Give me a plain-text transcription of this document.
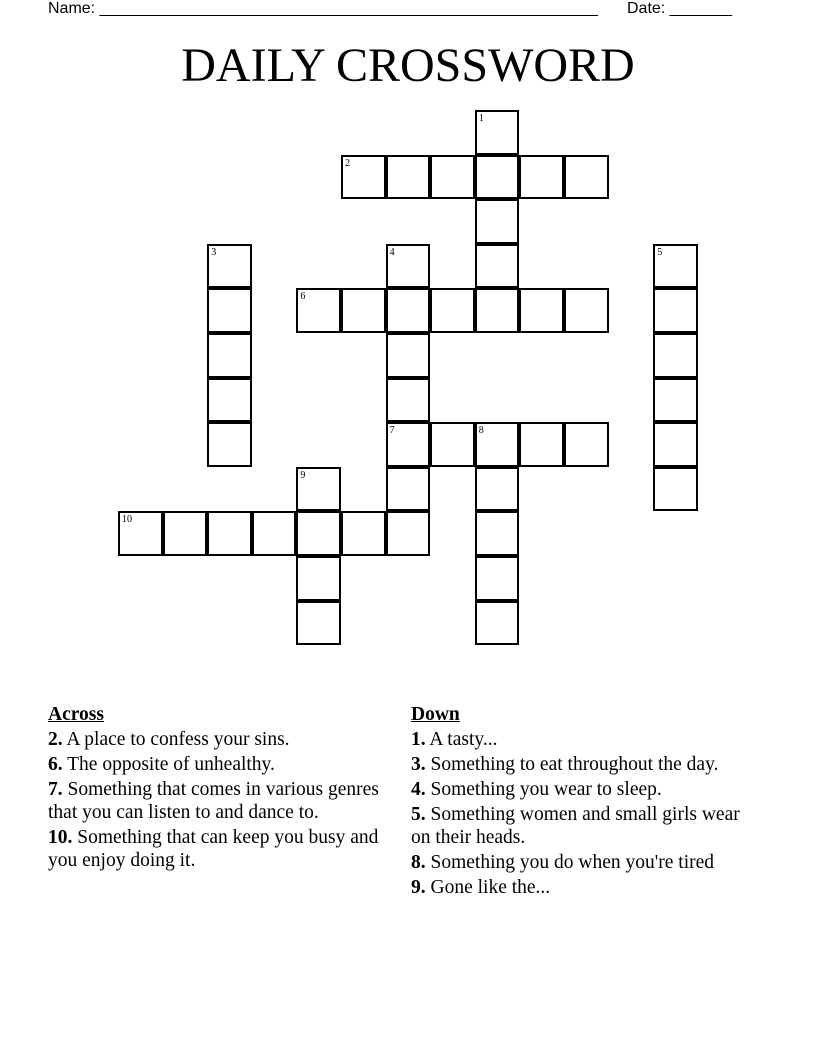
Name: ________________________________________________________ Date: _______
DAILY CROSSWORD
1
2
3	4
7
5
6
8
9
10
Across
2. A place to confess your sins.
6. The opposite of unhealthy.
7. Something that comes in various genres that you can listen to and dance to.
10. Something that can keep you busy and you enjoy doing it.
Down
1. A tasty...
3. Something to eat throughout the day.
4. Something you wear to sleep.
5. Something women and small girls wear on their heads.
8. Something you do when you're tired
9. Gone like the...
